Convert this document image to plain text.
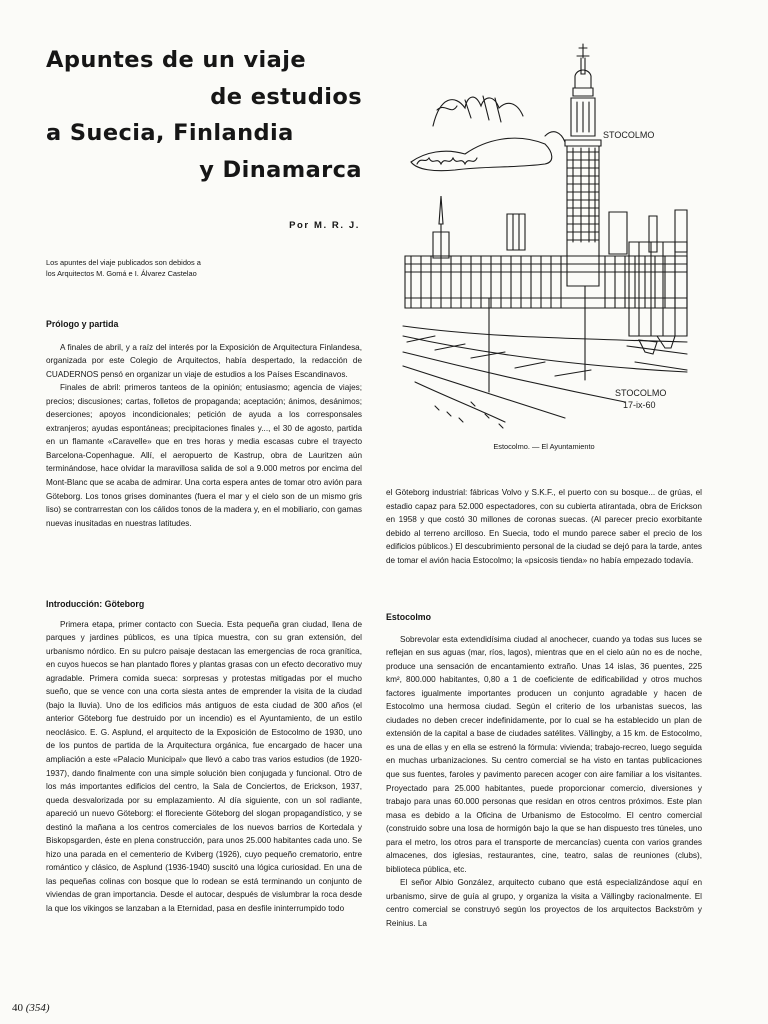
Apuntes de un viaje
de estudios
a Suecia, Finlandia
y Dinamarca
Por M. R. J.
Los apuntes del viaje publicados son debidos a
los Arquitectos M. Gomá e I. Álvarez Castelao
Prólogo y partida

A finales de abril, y a raíz del interés por la Exposición de Arquitectura Finlandesa, organizada por este Colegio de Arquitectos, había despertado, la redacción de CUADERNOS pensó en organizar un viaje de estudios a los Países Escandinavos.

Finales de abril: primeros tanteos de la opinión; entusiasmo; agencia de viajes; precios; discusiones; cartas, folletos de propaganda; aceptación; ánimos, desánimos; deserciones; apoyos incondicionales; petición de ayuda a los corresponsales extranjeros; ayudas espontáneas; precipitaciones finales y..., el 30 de agosto, partida en un flamante «Caravelle» que en tres horas y media escasas cubre el trayecto Barcelona-Copenhague. Allí, el aeropuerto de Kastrup, obra de Lauritzen aún terminándose, hace olvidar la maravillosa salida de sol a 9.000 metros por encima del Mont-Blanc que se acaba de admirar. Una corta espera antes de tomar otro avión para Göteborg. Los tonos grises dominantes (fuera el mar y el cielo son de un mismo gris liso) se contrarrestan con los cálidos tonos de la madera y, en el mobiliario, con gamas nuevas inusitadas en nuestras latitudes.

Introducción: Göteborg

Primera etapa, primer contacto con Suecia. Esta pequeña gran ciudad, llena de parques y jardines públicos, es una típica muestra, con su gran extensión, del urbanismo nórdico. En su pulcro paisaje destacan las emergencias de roca granítica, en cuyos huecos se han plantado flores y plantas grasas con un efecto decorativo muy agradable. Primera comida sueca: sorpresas y protestas mitigadas por el mucho sueño, que se vence con una corta siesta antes de emprender la visita de la ciudad (bajo la lluvia). Uno de los edificios más antiguos de esta ciudad de 300 años (el anterior Göteborg fue destruido por un incendio) es el Ayuntamiento, de un estilo neoclásico. E. G. Asplund, el arquitecto de la Exposición de Estocolmo de 1930, uno de los puntos de partida de la Arquitectura orgánica, fue encargado de hacer una ampliación a este «Palacio Municipal» que llevó a cabo tras varios estudios (de 1920-1937), dando finalmente con una simple solución bien conjugada y funcional. Otro de los más importantes edificios del centro, la Sala de Conciertos, de Erickson, 1937, queda desvalorizada por su emplazamiento. Al día siguiente, con un sol radiante, apareció un nuevo Göteborg: el floreciente Göteborg del slogan propagandístico, y se destinó la mañana a los centros comerciales de los nuevos barrios de Kortedala y Biskopsgarden, éste en plena construcción, para unos 25.000 habitantes cada uno. Se hizo una parada en el cementerio de Kviberg (1926), cuyo pequeño crematorio, entre romántico y clásico, de Asplund (1936-1940) suscitó una lógica curiosidad. En una de las pequeñas colinas con bosque que lo rodean se está terminando un conjunto de viviendas de gran importancia. Desde el autocar, después de vislumbrar la roca desde la que los vikingos se lanzaban a la Eternidad, pasa en desfile ininterrumpido todo

STOCOLMO
STOCOLMO
17-ix-60
Estocolmo. — El Ayuntamiento

el Göteborg industrial: fábricas Volvo y S.K.F., el puerto con su bosque... de grúas, el estadio capaz para 52.000 espectadores, con su cubierta atirantada, obra de Erickson en 1958 y que costó 30 millones de coronas suecas. (Al parecer precio exorbitante debido al terreno arcilloso. En Suecia, todo el mundo parece saber el precio de los edificios públicos.) El descubrimiento personal de la ciudad se dejó para la tarde, antes de tomar el avión hacia Estocolmo; la «psicosis tienda» no había empezado todavía.

Estocolmo

Sobrevolar esta extendidísima ciudad al anochecer, cuando ya todas sus luces se reflejan en sus aguas (mar, ríos, lagos), mientras que en el cielo aún no es de noche, produce una sensación de encantamiento extraño. Unas 14 islas, 36 puentes, 225 km², 800.000 habitantes, 0,80 a 1 de coeficiente de edificabilidad y otros muchos factores igualmente importantes producen un conjunto agradable y hacen de Estocolmo una hermosa ciudad. Según el criterio de los urbanistas suecos, las ciudades no deben crecer indefinidamente, por lo cual se ha establecido un plan de extensión de la capital a base de ciudades satélites. Vällingby, a 15 km. de Estocolmo, es una de ellas y en ella se estrenó la fórmula: vivienda; trabajo-recreo, luego seguida en muchas urbanizaciones. Su centro comercial se ha visto en tantas publicaciones que sus fuentes, faroles y pavimento parecen acoger con aire familiar a los visitantes. Proyectado para 25.000 habitantes, puede proporcionar comercio, diversiones y trabajo para unas 60.000 personas que residan en otros centros próximos. Este plan masa es debido a la Oficina de Urbanismo de Estocolmo. El centro comercial (construido sobre una losa de hormigón bajo la que se han dispuesto tres túneles, uno para el metro, los otros para el transporte de mercancías) cuenta con varios grandes almacenes, dos iglesias, restaurantes, cine, teatro, salas de reuniones (clubs), biblioteca pública, etc.

El señor Albio González, arquitecto cubano que está especializándose aquí en urbanismo, sirve de guía al grupo, y organiza la visita a Vällingby racionalmente. El centro comercial se construyó según los proyectos de los arquitectos Backström y Reinius. La

40 (354)
